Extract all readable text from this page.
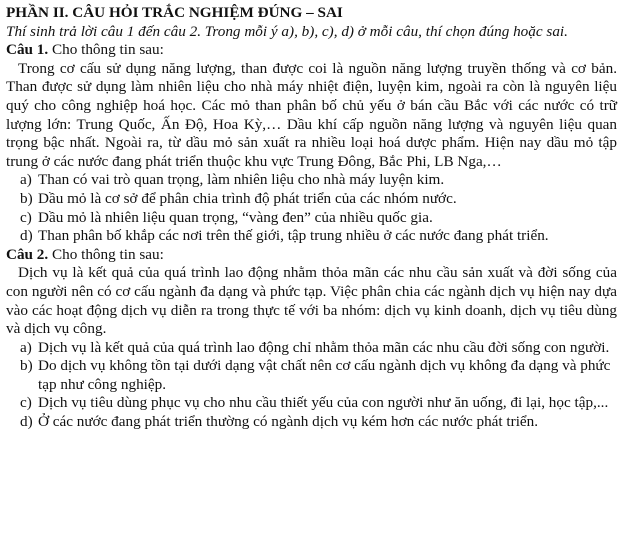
PHẦN II. CÂU HỎI TRẮC NGHIỆM ĐÚNG – SAI

Thí sinh trả lời câu 1 đến câu 2. Trong mỗi ý a), b), c), d) ở mỗi câu, thí chọn đúng hoặc sai.

Câu 1. Cho thông tin sau:

Trong cơ cấu sử dụng năng lượng, than được coi là nguồn năng lượng truyền thống và cơ bản. Than được sử dụng làm nhiên liệu cho nhà máy nhiệt điện, luyện kim, ngoài ra còn là nguyên liệu quý cho công nghiệp hoá học. Các mỏ than phân bố chủ yếu ở bán cầu Bắc với các nước có trữ lượng lớn: Trung Quốc, Ấn Độ, Hoa Kỳ,… Dầu khí cấp nguồn năng lượng và nguyên liệu quan trọng bậc nhất. Ngoài ra, từ dầu mỏ sản xuất ra nhiều loại hoá dược phẩm. Hiện nay dầu mỏ tập trung ở các nước đang phát triển thuộc khu vực Trung Đông, Bắc Phi, LB Nga,…

a) Than có vai trò quan trọng, làm nhiên liệu cho nhà máy luyện kim.
b) Dầu mỏ là cơ sở để phân chia trình độ phát triển của các nhóm nước.
c) Dầu mỏ là nhiên liệu quan trọng, “vàng đen” của nhiều quốc gia.
d) Than phân bố khắp các nơi trên thế giới, tập trung nhiều ở các nước đang phát triển.

Câu 2. Cho thông tin sau:

Dịch vụ là kết quả của quá trình lao động nhằm thỏa mãn các nhu cầu sản xuất và đời sống của con người nên có cơ cấu ngành đa dạng và phức tạp. Việc phân chia các ngành dịch vụ hiện nay dựa vào các hoạt động dịch vụ diễn ra trong thực tế với ba nhóm: dịch vụ kinh doanh, dịch vụ tiêu dùng và dịch vụ công.

a) Dịch vụ là kết quả của quá trình lao động chỉ nhằm thỏa mãn các nhu cầu đời sống con người.
b) Do dịch vụ không tồn tại dưới dạng vật chất nên cơ cấu ngành dịch vụ không đa dạng và phức tạp như công nghiệp.
c) Dịch vụ tiêu dùng phục vụ cho nhu cầu thiết yếu của con người như ăn uống, đi lại, học tập,...
d) Ở các nước đang phát triển thường có ngành dịch vụ kém hơn các nước phát triển.
